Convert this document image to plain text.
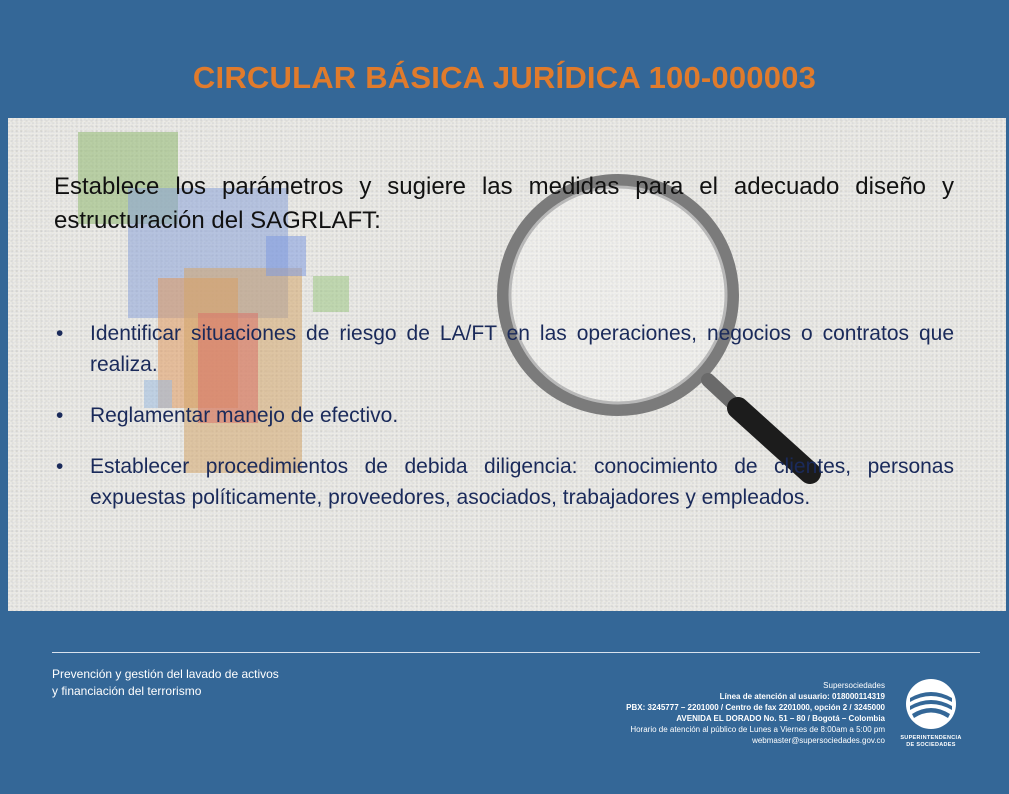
CIRCULAR BÁSICA JURÍDICA 100-000003
Establece los parámetros y sugiere las medidas para el adecuado diseño y estructuración del SAGRLAFT:
• Identificar situaciones de riesgo de LA/FT en las operaciones, negocios o contratos que realiza.
• Reglamentar manejo de efectivo.
• Establecer procedimientos de debida diligencia: conocimiento de clientes, personas expuestas políticamente, proveedores, asociados, trabajadores y empleados.
Prevención y gestión del lavado de activos
y financiación del terrorismo	Supersociedades
Línea de atención al usuario: 018000114319
PBX: 3245777 – 2201000 / Centro de fax 2201000, opción 2 / 3245000
AVENIDA EL DORADO No. 51 – 80 / Bogotá – Colombia
Horario de atención al público de Lunes a Viernes de 8:00am a 5:00 pm
webmaster@supersociedades.gov.co	SUPERINTENDENCIA
DE SOCIEDADES
